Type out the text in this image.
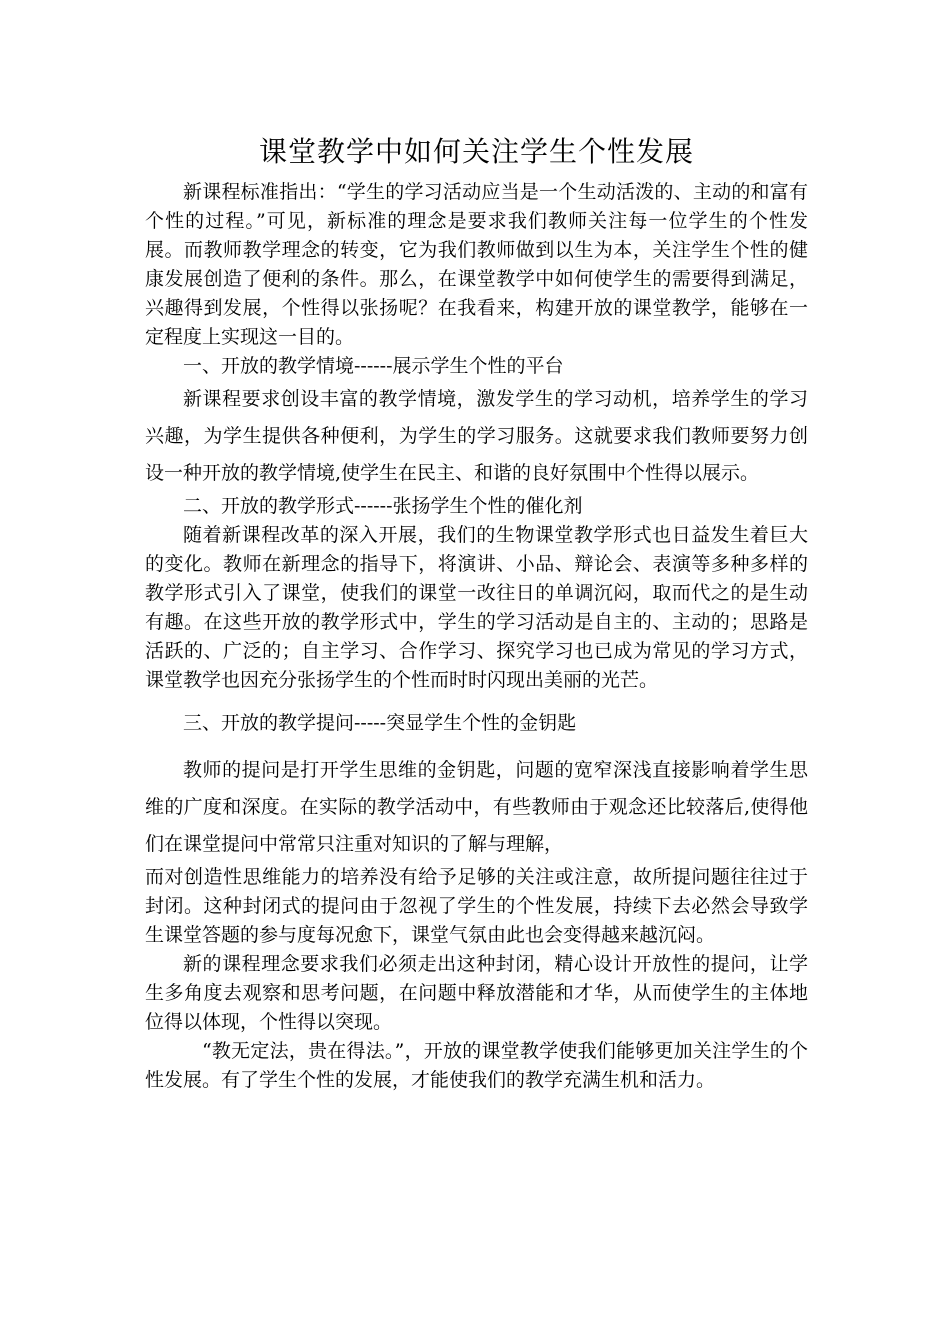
课堂教学中如何关注学生个性发展

新课程标准指出：“学生的学习活动应当是一个生动活泼的、主动的和富有个性的过程。”可见，新标准的理念是要求我们教师关注每一位学生的个性发展。而教师教学理念的转变，它为我们教师做到以生为本，关注学生个性的健康发展创造了便利的条件。那么，在课堂教学中如何使学生的需要得到满足，兴趣得到发展，个性得以张扬呢？在我看来，构建开放的课堂教学，能够在一定程度上实现这一目的。

一、开放的教学情境------展示学生个性的平台

新课程要求创设丰富的教学情境，激发学生的学习动机，培养学生的学习兴趣，为学生提供各种便利，为学生的学习服务。这就要求我们教师要努力创设一种开放的教学情境,使学生在民主、和谐的良好氛围中个性得以展示。

二、开放的教学形式------张扬学生个性的催化剂

随着新课程改革的深入开展，我们的生物课堂教学形式也日益发生着巨大的变化。教师在新理念的指导下，将演讲、小品、辩论会、表演等多种多样的教学形式引入了课堂，使我们的课堂一改往日的单调沉闷，取而代之的是生动有趣。在这些开放的教学形式中，学生的学习活动是自主的、主动的；思路是活跃的、广泛的；自主学习、合作学习、探究学习也已成为常见的学习方式，课堂教学也因充分张扬学生的个性而时时闪现出美丽的光芒。

三、开放的教学提问-----突显学生个性的金钥匙

教师的提问是打开学生思维的金钥匙，问题的宽窄深浅直接影响着学生思维的广度和深度。在实际的教学活动中，有些教师由于观念还比较落后,使得他们在课堂提问中常常只注重对知识的了解与理解，

而对创造性思维能力的培养没有给予足够的关注或注意，故所提问题往往过于封闭。这种封闭式的提问由于忽视了学生的个性发展，持续下去必然会导致学生课堂答题的参与度每况愈下，课堂气氛由此也会变得越来越沉闷。

新的课程理念要求我们必须走出这种封闭，精心设计开放性的提问，让学生多角度去观察和思考问题，在问题中释放潜能和才华，从而使学生的主体地位得以体现，个性得以突现。

“教无定法，贵在得法。”，开放的课堂教学使我们能够更加关注学生的个性发展。有了学生个性的发展，才能使我们的教学充满生机和活力。
